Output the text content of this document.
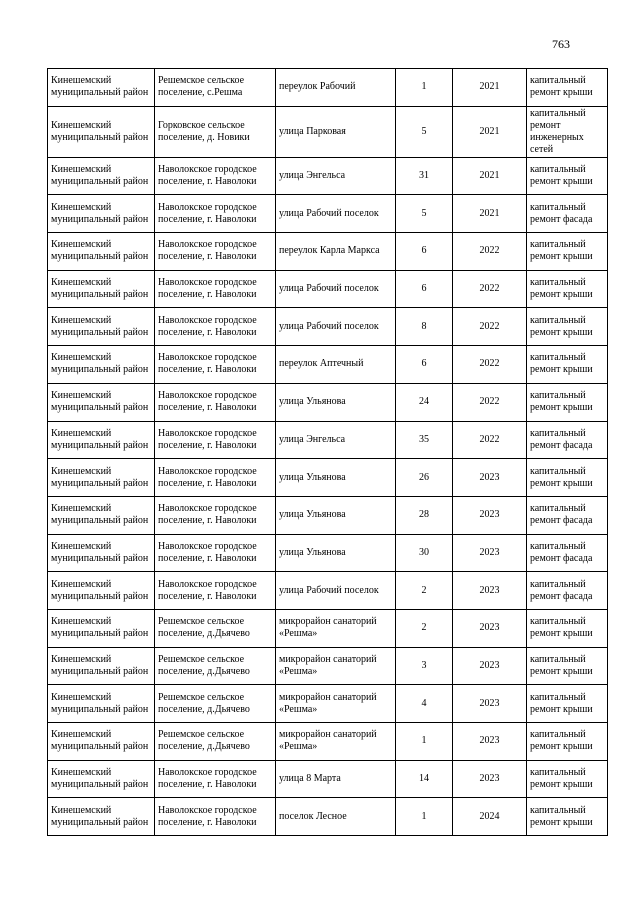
763
Кинешемский муниципальный район	Решемское сельское поселение, с.Решма	переулок Рабочий	1	2021	капитальный ремонт крыши
Кинешемский муниципальный район	Горковское сельское поселение, д. Новики	улица Парковая	5	2021	капитальный ремонт инженерных сетей
Кинешемский муниципальный район	Наволокское городское поселение, г. Наволоки	улица Энгельса	31	2021	капитальный ремонт крыши
Кинешемский муниципальный район	Наволокское городское поселение, г. Наволоки	улица Рабочий поселок	5	2021	капитальный ремонт фасада
Кинешемский муниципальный район	Наволокское городское поселение, г. Наволоки	переулок Карла Маркса	6	2022	капитальный ремонт крыши
Кинешемский муниципальный район	Наволокское городское поселение, г. Наволоки	улица Рабочий поселок	6	2022	капитальный ремонт крыши
Кинешемский муниципальный район	Наволокское городское поселение, г. Наволоки	улица Рабочий поселок	8	2022	капитальный ремонт крыши
Кинешемский муниципальный район	Наволокское городское поселение, г. Наволоки	переулок Аптечный	6	2022	капитальный ремонт крыши
Кинешемский муниципальный район	Наволокское городское поселение, г. Наволоки	улица Ульянова	24	2022	капитальный ремонт крыши
Кинешемский муниципальный район	Наволокское городское поселение, г. Наволоки	улица Энгельса	35	2022	капитальный ремонт фасада
Кинешемский муниципальный район	Наволокское городское поселение, г. Наволоки	улица Ульянова	26	2023	капитальный ремонт крыши
Кинешемский муниципальный район	Наволокское городское поселение, г. Наволоки	улица Ульянова	28	2023	капитальный ремонт фасада
Кинешемский муниципальный район	Наволокское городское поселение, г. Наволоки	улица Ульянова	30	2023	капитальный ремонт фасада
Кинешемский муниципальный район	Наволокское городское поселение, г. Наволоки	улица Рабочий поселок	2	2023	капитальный ремонт фасада
Кинешемский муниципальный район	Решемское сельское поселение, д.Дьячево	микрорайон санаторий «Решма»	2	2023	капитальный ремонт крыши
Кинешемский муниципальный район	Решемское сельское поселение, д.Дьячево	микрорайон санаторий «Решма»	3	2023	капитальный ремонт крыши
Кинешемский муниципальный район	Решемское сельское поселение, д.Дьячево	микрорайон санаторий «Решма»	4	2023	капитальный ремонт крыши
Кинешемский муниципальный район	Решемское сельское поселение, д.Дьячево	микрорайон санаторий «Решма»	1	2023	капитальный ремонт крыши
Кинешемский муниципальный район	Наволокское городское поселение, г. Наволоки	улица 8 Марта	14	2023	капитальный ремонт крыши
Кинешемский муниципальный район	Наволокское городское поселение, г. Наволоки	поселок Лесное	1	2024	капитальный ремонт крыши
